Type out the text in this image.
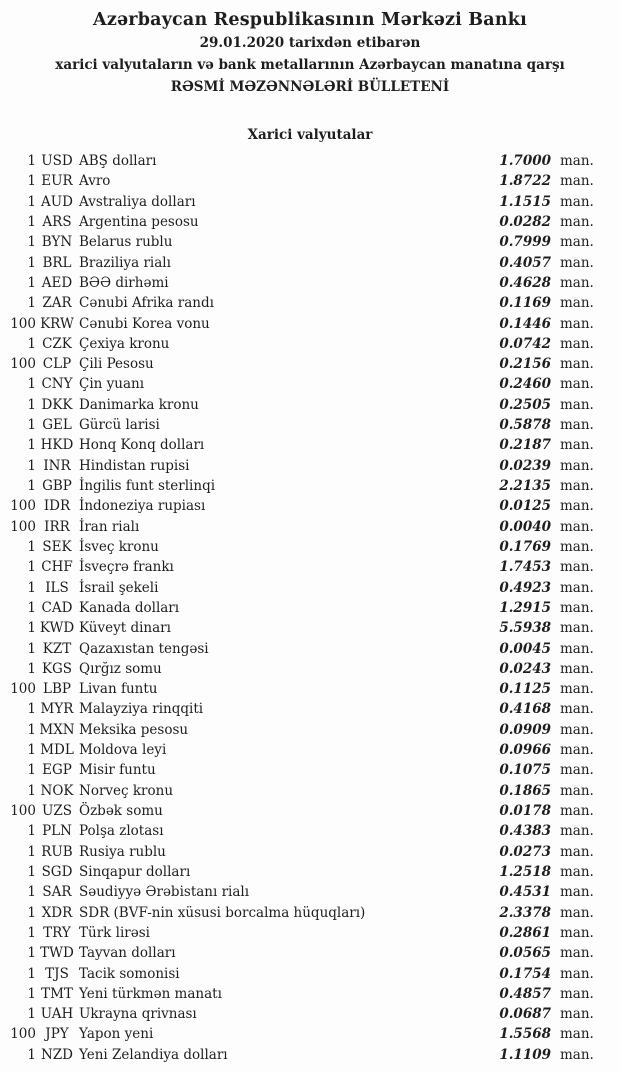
Azərbaycan Respublikasının Mərkəzi Bankı
29.01.2020 tarixdən etibarən
xarici valyutaların və bank metallarının Azərbaycan manatına qarşı
RƏSMİ MƏZƏNNƏLƏRİ BÜLLETENİ
Xarici valyutalar
1 USD ABŞ dolları	1.7000 man.
1 EUR Avro	1.8722 man.
1 AUD Avstraliya dolları	1.1515 man.
1 ARS Argentina pesosu	0.0282 man.
1 BYN Belarus rublu	0.7999 man.
1 BRL Braziliya rialı	0.4057 man.
1 AED BƏƏ dirhəmi	0.4628 man.
1 ZAR Cənubi Afrika randı	0.1169 man.
100 KRW Cənubi Korea vonu	0.1446 man.
1 CZK Çexiya kronu	0.0742 man.
100 CLP Çili Pesosu	0.2156 man.
1 CNY Çin yuanı	0.2460 man.
1 DKK Danimarka kronu	0.2505 man.
1 GEL Gürcü larisi	0.5878 man.
1 HKD Honq Konq dolları	0.2187 man.
1 INR Hindistan rupisi	0.0239 man.
1 GBP İngilis funt sterlinqi	2.2135 man.
100 IDR İndoneziya rupiası	0.0125 man.
100 IRR İran rialı	0.0040 man.
1 SEK İsveç kronu	0.1769 man.
1 CHF İsveçrə frankı	1.7453 man.
1 ILS İsrail şekeli	0.4923 man.
1 CAD Kanada dolları	1.2915 man.
1 KWD Küveyt dinarı	5.5938 man.
1 KZT Qazaxıstan tengəsi	0.0045 man.
1 KGS Qırğız somu	0.0243 man.
100 LBP Livan funtu	0.1125 man.
1 MYR Malayziya rinqqiti	0.4168 man.
1 MXN Meksika pesosu	0.0909 man.
1 MDL Moldova leyi	0.0966 man.
1 EGP Misir funtu	0.1075 man.
1 NOK Norveç kronu	0.1865 man.
100 UZS Özbək somu	0.0178 man.
1 PLN Polşa zlotası	0.4383 man.
1 RUB Rusiya rublu	0.0273 man.
1 SGD Sinqapur dolları	1.2518 man.
1 SAR Səudiyyə Ərəbistanı rialı	0.4531 man.
1 XDR SDR (BVF-nin xüsusi borcalma hüquqları)	2.3378 man.
1 TRY Türk lirəsi	0.2861 man.
1 TWD Tayvan dolları	0.0565 man.
1 TJS Tacik somonisi	0.1754 man.
1 TMT Yeni türkmən manatı	0.4857 man.
1 UAH Ukrayna qrivnası	0.0687 man.
100 JPY Yapon yeni	1.5568 man.
1 NZD Yeni Zelandiya dolları	1.1109 man.
